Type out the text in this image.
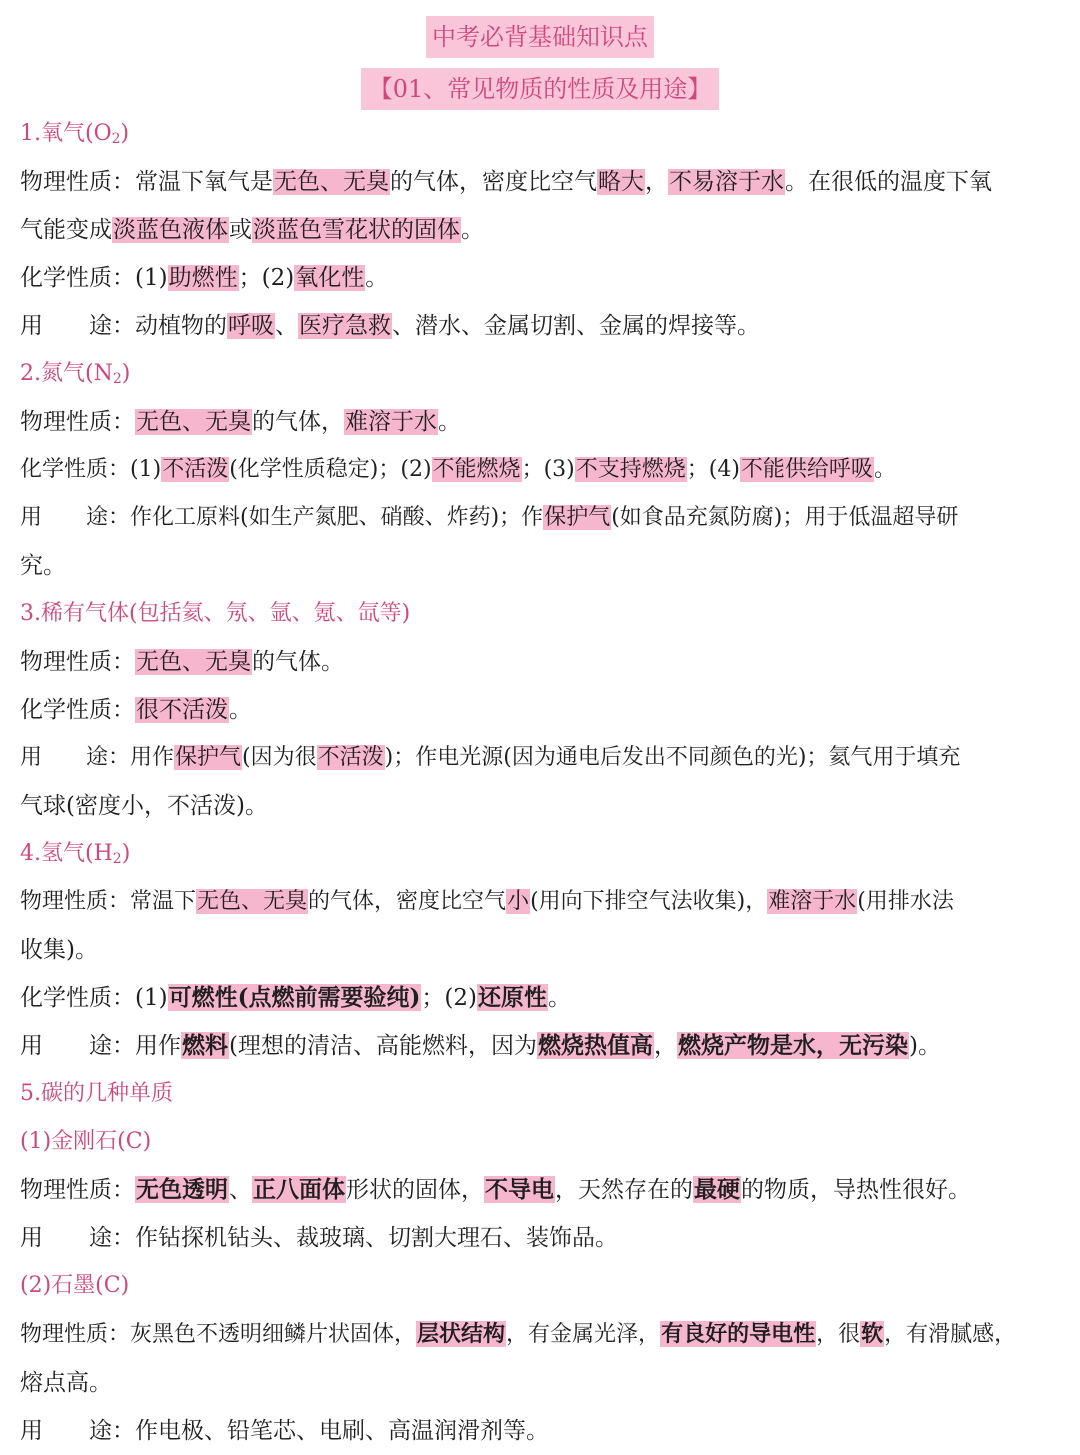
中考必背基础知识点
【01、常见物质的性质及用途】
1.氧气$(O_2)$
物理性质：常温下氧气是无色、无臭的气体，密度比空气略大，不易溶于水。在很低的温度下氧
气能变成淡蓝色液体或淡蓝色雪花状的固体。
化学性质：(1)助燃性；(2)氧化性。
用　　途：动植物的呼吸、医疗急救、潜水、金属切割、金属的焊接等。
2.氮气$(N_2)$
物理性质：无色、无臭的气体，难溶于水。
化学性质：(1)不活泼(化学性质稳定)；(2)不能燃烧；(3)不支持燃烧；(4)不能供给呼吸。
用　　途：作化工原料(如生产氮肥、硝酸、炸药)；作保护气(如食品充氮防腐)；用于低温超导研
究。
3.稀有气体(包括氦、氖、氩、氪、氙等)
物理性质：无色、无臭的气体。
化学性质：很不活泼。
用　　途：用作保护气(因为很不活泼)；作电光源(因为通电后发出不同颜色的光)；氦气用于填充
气球(密度小，不活泼)。
4.氢气$(H_2)$
物理性质：常温下无色、无臭的气体，密度比空气小(用向下排空气法收集)，难溶于水(用排水法
收集)。
化学性质：(1)可燃性(点燃前需要验纯)；(2)还原性。
用　　途：用作燃料(理想的清洁、高能燃料，因为燃烧热值高，燃烧产物是水，无污染)。
5.碳的几种单质
(1)金刚石(C)
物理性质：无色透明、正八面体形状的固体，不导电，天然存在的最硬的物质，导热性很好。
用　　途：作钻探机钻头、裁玻璃、切割大理石、装饰品。
(2)石墨(C)
物理性质：灰黑色不透明细鳞片状固体，层状结构，有金属光泽，有良好的导电性，很软，有滑腻感，
熔点高。
用　　途：作电极、铅笔芯、电刷、高温润滑剂等。
